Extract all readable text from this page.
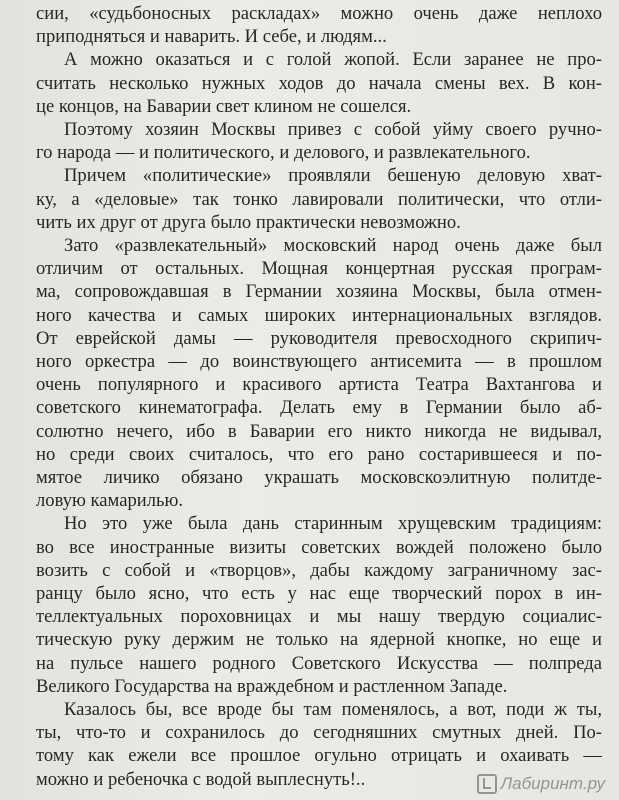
сии, «судьбоносных раскладах» можно очень даже неплохо
приподняться и наварить. И себе, и людям...
А можно оказаться и с голой жопой. Если заранее не про-
считать несколько нужных ходов до начала смены вех. В кон-
це концов, на Баварии свет клином не сошелся.
Поэтому хозяин Москвы привез с собой уйму своего ручно-
го народа — и политического, и делового, и развлекательного.
Причем «политические» проявляли бешеную деловую хват-
ку, а «деловые» так тонко лавировали политически, что отли-
чить их друг от друга было практически невозможно.
Зато «развлекательный» московский народ очень даже был
отличим от остальных. Мощная концертная русская програм-
ма, сопровождавшая в Германии хозяина Москвы, была отмен-
ного качества и самых широких интернациональных взглядов.
От еврейской дамы — руководителя превосходного скрипич-
ного оркестра — до воинствующего антисемита — в прошлом
очень популярного и красивого артиста Театра Вахтангова и
советского кинематографа. Делать ему в Германии было аб-
солютно нечего, ибо в Баварии его никто никогда не видывал,
но среди своих считалось, что его рано состарившееся и по-
мятое личико обязано украшать московскоэлитную политде-
ловую камарилью.
Но это уже была дань старинным хрущевским традициям:
во все иностранные визиты советских вождей положено было
возить с собой и «творцов», дабы каждому заграничному зас-
ранцу было ясно, что есть у нас еще творческий порох в ин-
теллектуальных пороховницах и мы нашу твердую социалис-
тическую руку держим не только на ядерной кнопке, но еще и
на пульсе нашего родного Советского Искусства — полпреда
Великого Государства на враждебном и растленном Западе.
Казалось бы, все вроде бы там поменялось, а вот, поди ж ты,
ты, что-то и сохранилось до сегодняшних смутных дней. По-
тому как ежели все прошлое огульно отрицать и охаивать —
можно и ребеночка с водой выплеснуть!..	Лабиринт.ру
